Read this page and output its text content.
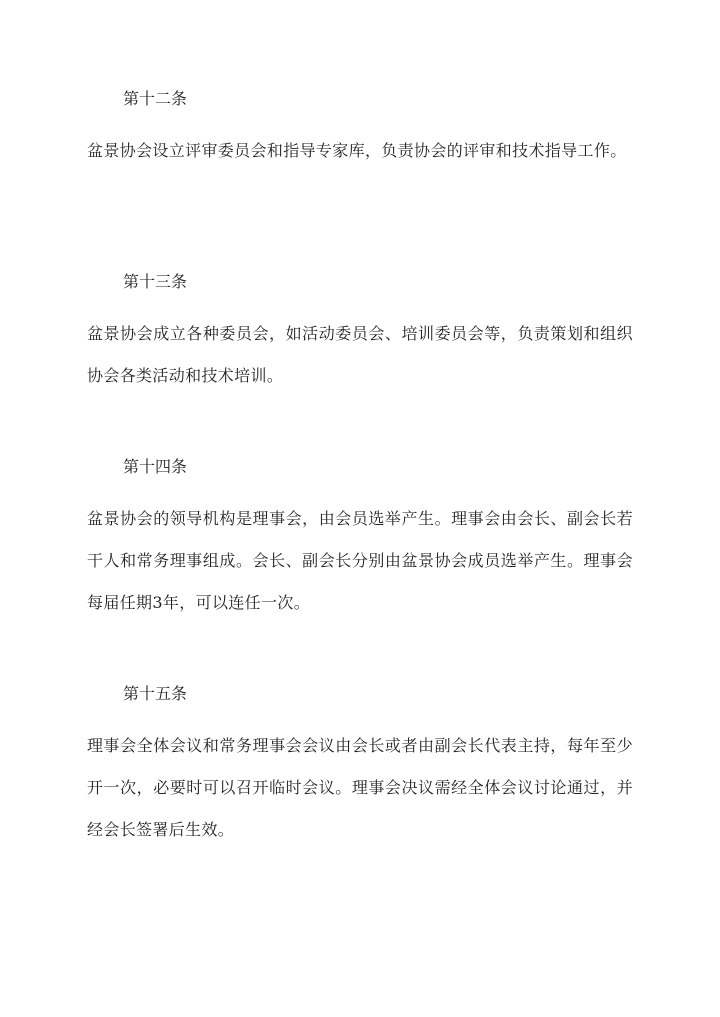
第十二条
盆景协会设立评审委员会和指导专家库，负责协会的评审和技术指导工作。
第十三条
盆景协会成立各种委员会，如活动委员会、培训委员会等，负责策划和组织协会各类活动和技术培训。
第十四条
盆景协会的领导机构是理事会，由会员选举产生。理事会由会长、副会长若干人和常务理事组成。会长、副会长分别由盆景协会成员选举产生。理事会每届任期3年，可以连任一次。
第十五条
理事会全体会议和常务理事会会议由会长或者由副会长代表主持，每年至少开一次，必要时可以召开临时会议。理事会决议需经全体会议讨论通过，并经会长签署后生效。
